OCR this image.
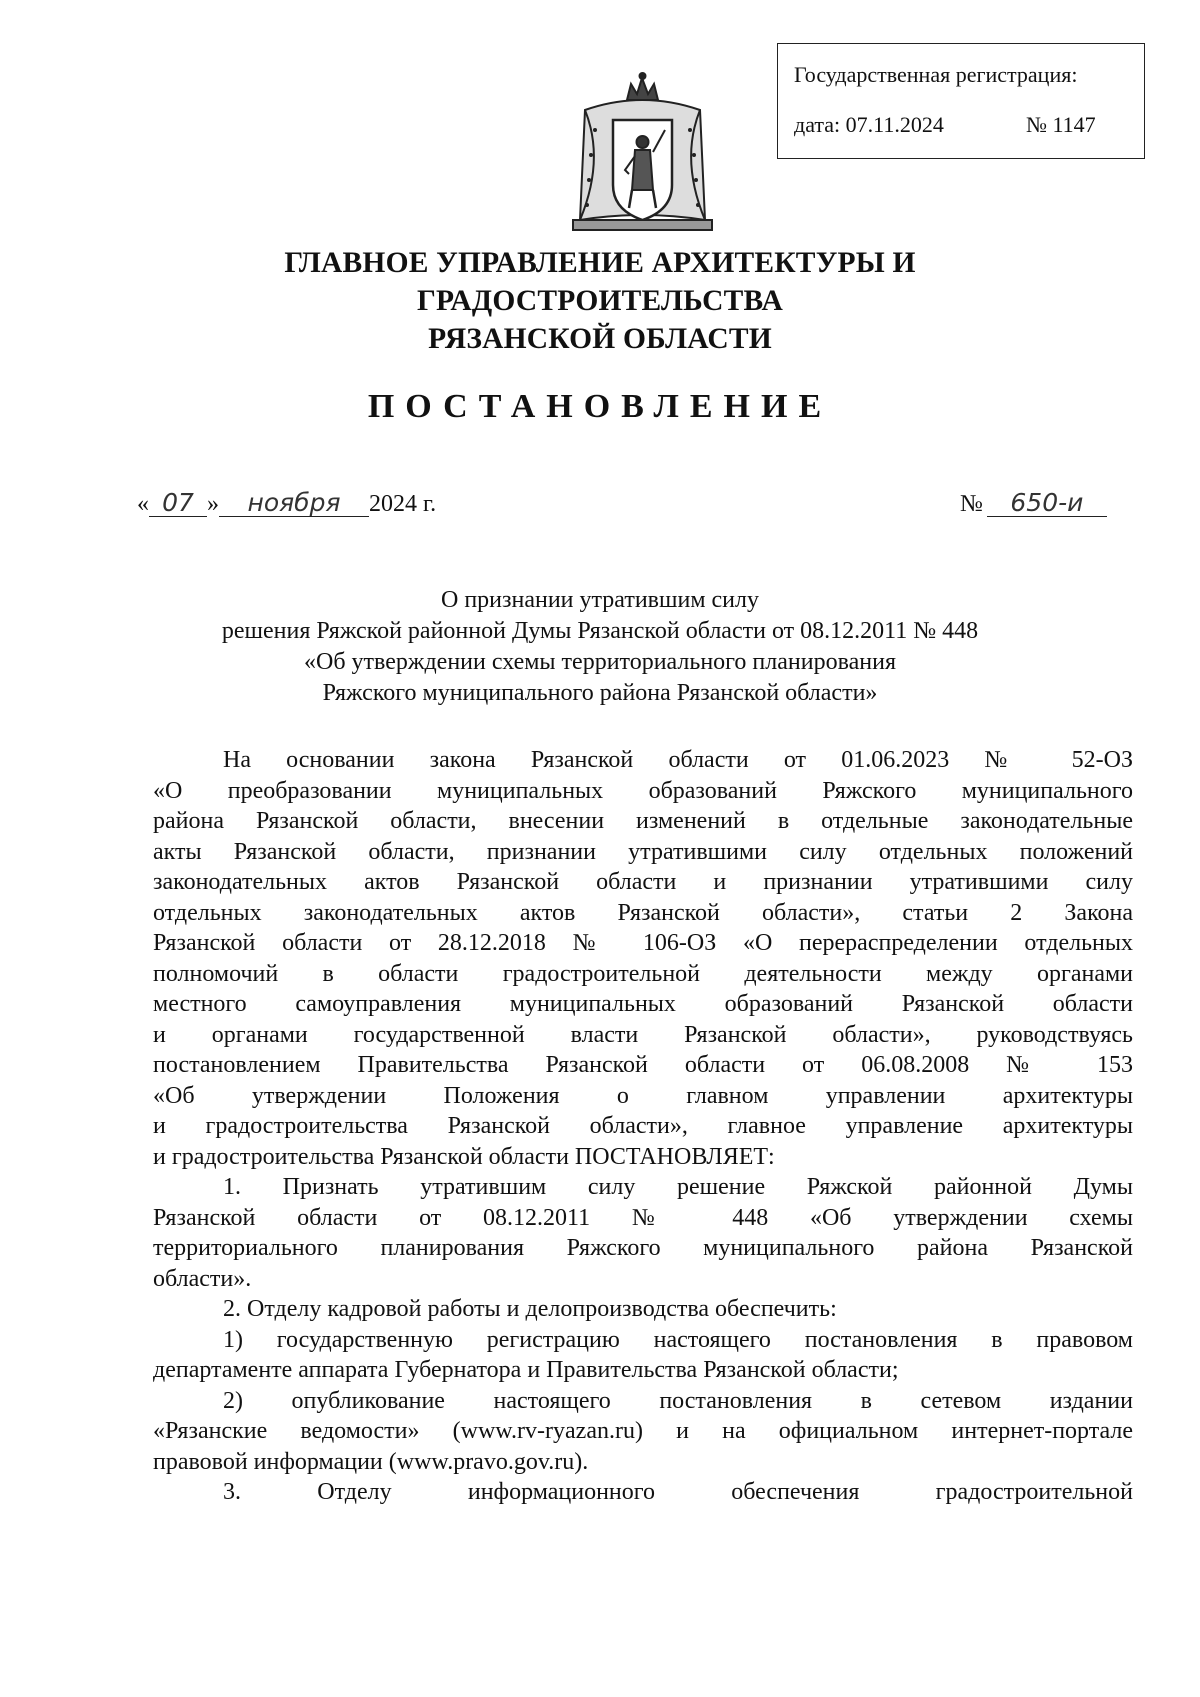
Государственная регистрация:
дата: 07.11.2024	№ 1147
ГЛАВНОЕ УПРАВЛЕНИЕ АРХИТЕКТУРЫ И ГРАДОСТРОИТЕЛЬСТВА
РЯЗАНСКОЙ ОБЛАСТИ
ПОСТАНОВЛЕНИЕ
« 07 » ноября 2024 г.	№ 650-и
О признании утратившим силу
решения Ряжской районной Думы Рязанской области от 08.12.2011 № 448
«Об утверждении схемы территориального планирования
Ряжского муниципального района Рязанской области»

На основании закона Рязанской области от 01.06.2023 № 52-ОЗ

«О преобразовании муниципальных образований Ряжского муниципального

района Рязанской области, внесении изменений в отдельные законодательные

акты Рязанской области, признании утратившими силу отдельных положений

законодательных актов Рязанской области и признании утратившими силу

отдельных законодательных актов Рязанской области», статьи 2 Закона

Рязанской области от 28.12.2018 № 106-ОЗ «О перераспределении отдельных

полномочий в области градостроительной деятельности между органами

местного самоуправления муниципальных образований Рязанской области

и органами государственной власти Рязанской области», руководствуясь

постановлением Правительства Рязанской области от 06.08.2008 № 153

«Об утверждении Положения о главном управлении архитектуры

и градостроительства Рязанской области», главное управление архитектуры

и градостроительства Рязанской области ПОСТАНОВЛЯЕТ:

1. Признать утратившим силу решение Ряжской районной Думы

Рязанской области от 08.12.2011 № 448 «Об утверждении схемы

территориального планирования Ряжского муниципального района Рязанской

области».

2. Отделу кадровой работы и делопроизводства обеспечить:

1) государственную регистрацию настоящего постановления в правовом

департаменте аппарата Губернатора и Правительства Рязанской области;

2) опубликование настоящего постановления в сетевом издании

«Рязанские ведомости» (www.rv-ryazan.ru) и на официальном интернет-портале

правовой информации (www.pravo.gov.ru).

3. Отделу информационного обеспечения градостроительной
